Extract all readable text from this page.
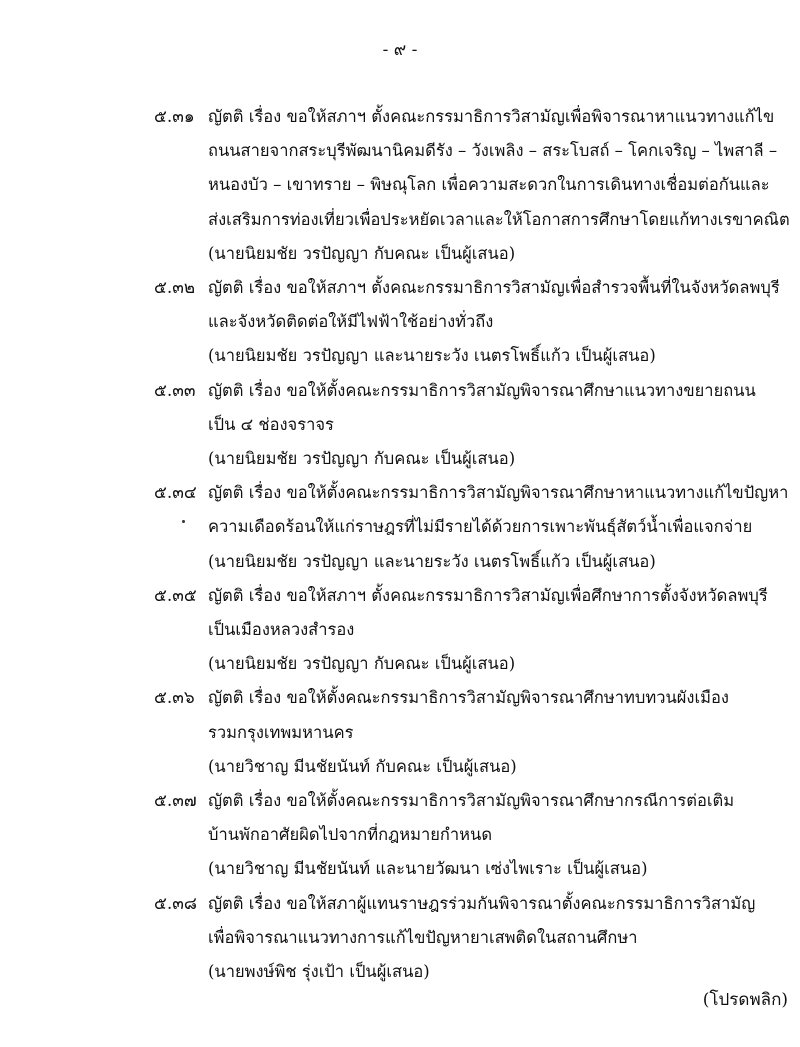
- ๙ -
๕.๓๑ ญัตติ เรื่อง ขอให้สภาฯ ตั้งคณะกรรมาธิการวิสามัญเพื่อพิจารณาหาแนวทางแก้ไข
ถนนสายจากสระบุรีพัฒนานิคมดีรัง – วังเพลิง – สระโบสถ์ – โคกเจริญ – ไพสาลี –
หนองบัว – เขาทราย – พิษณุโลก เพื่อความสะดวกในการเดินทางเชื่อมต่อกันและ
ส่งเสริมการท่องเที่ยวเพื่อประหยัดเวลาและให้โอกาสการศึกษาโดยแก้ทางเรขาคณิต
(นายนิยมชัย วรปัญญา กับคณะ เป็นผู้เสนอ)
๕.๓๒ ญัตติ เรื่อง ขอให้สภาฯ ตั้งคณะกรรมาธิการวิสามัญเพื่อสำรวจพื้นที่ในจังหวัดลพบุรี
และจังหวัดติดต่อให้มีไฟฟ้าใช้อย่างทั่วถึง
(นายนิยมชัย วรปัญญา และนายระวัง เนตรโพธิ์แก้ว เป็นผู้เสนอ)
๕.๓๓ ญัตติ เรื่อง ขอให้ตั้งคณะกรรมาธิการวิสามัญพิจารณาศึกษาแนวทางขยายถนน
เป็น ๔ ช่องจราจร
(นายนิยมชัย วรปัญญา กับคณะ เป็นผู้เสนอ)
๕.๓๔ ญัตติ เรื่อง ขอให้ตั้งคณะกรรมาธิการวิสามัญพิจารณาศึกษาหาแนวทางแก้ไขปัญหา
ความเดือดร้อนให้แก่ราษฎรที่ไม่มีรายได้ด้วยการเพาะพันธุ์สัตว์น้ำเพื่อแจกจ่าย
(นายนิยมชัย วรปัญญา และนายระวัง เนตรโพธิ์แก้ว เป็นผู้เสนอ)
๕.๓๕ ญัตติ เรื่อง ขอให้สภาฯ ตั้งคณะกรรมาธิการวิสามัญเพื่อศึกษาการตั้งจังหวัดลพบุรี
เป็นเมืองหลวงสำรอง
(นายนิยมชัย วรปัญญา กับคณะ เป็นผู้เสนอ)
๕.๓๖ ญัตติ เรื่อง ขอให้ตั้งคณะกรรมาธิการวิสามัญพิจารณาศึกษาทบทวนผังเมือง
รวมกรุงเทพมหานคร
(นายวิชาญ มีนชัยนันท์ กับคณะ เป็นผู้เสนอ)
๕.๓๗ ญัตติ เรื่อง ขอให้ตั้งคณะกรรมาธิการวิสามัญพิจารณาศึกษากรณีการต่อเติม
บ้านพักอาศัยผิดไปจากที่กฎหมายกำหนด
(นายวิชาญ มีนชัยนันท์ และนายวัฒนา เซ่งไพเราะ เป็นผู้เสนอ)
๕.๓๘ ญัตติ เรื่อง ขอให้สภาผู้แทนราษฎรร่วมกันพิจารณาตั้งคณะกรรมาธิการวิสามัญ
เพื่อพิจารณาแนวทางการแก้ไขปัญหายาเสพติดในสถานศึกษา
(นายพงษ์พิช รุ่งเป้า เป็นผู้เสนอ)
(โปรดพลิก)
